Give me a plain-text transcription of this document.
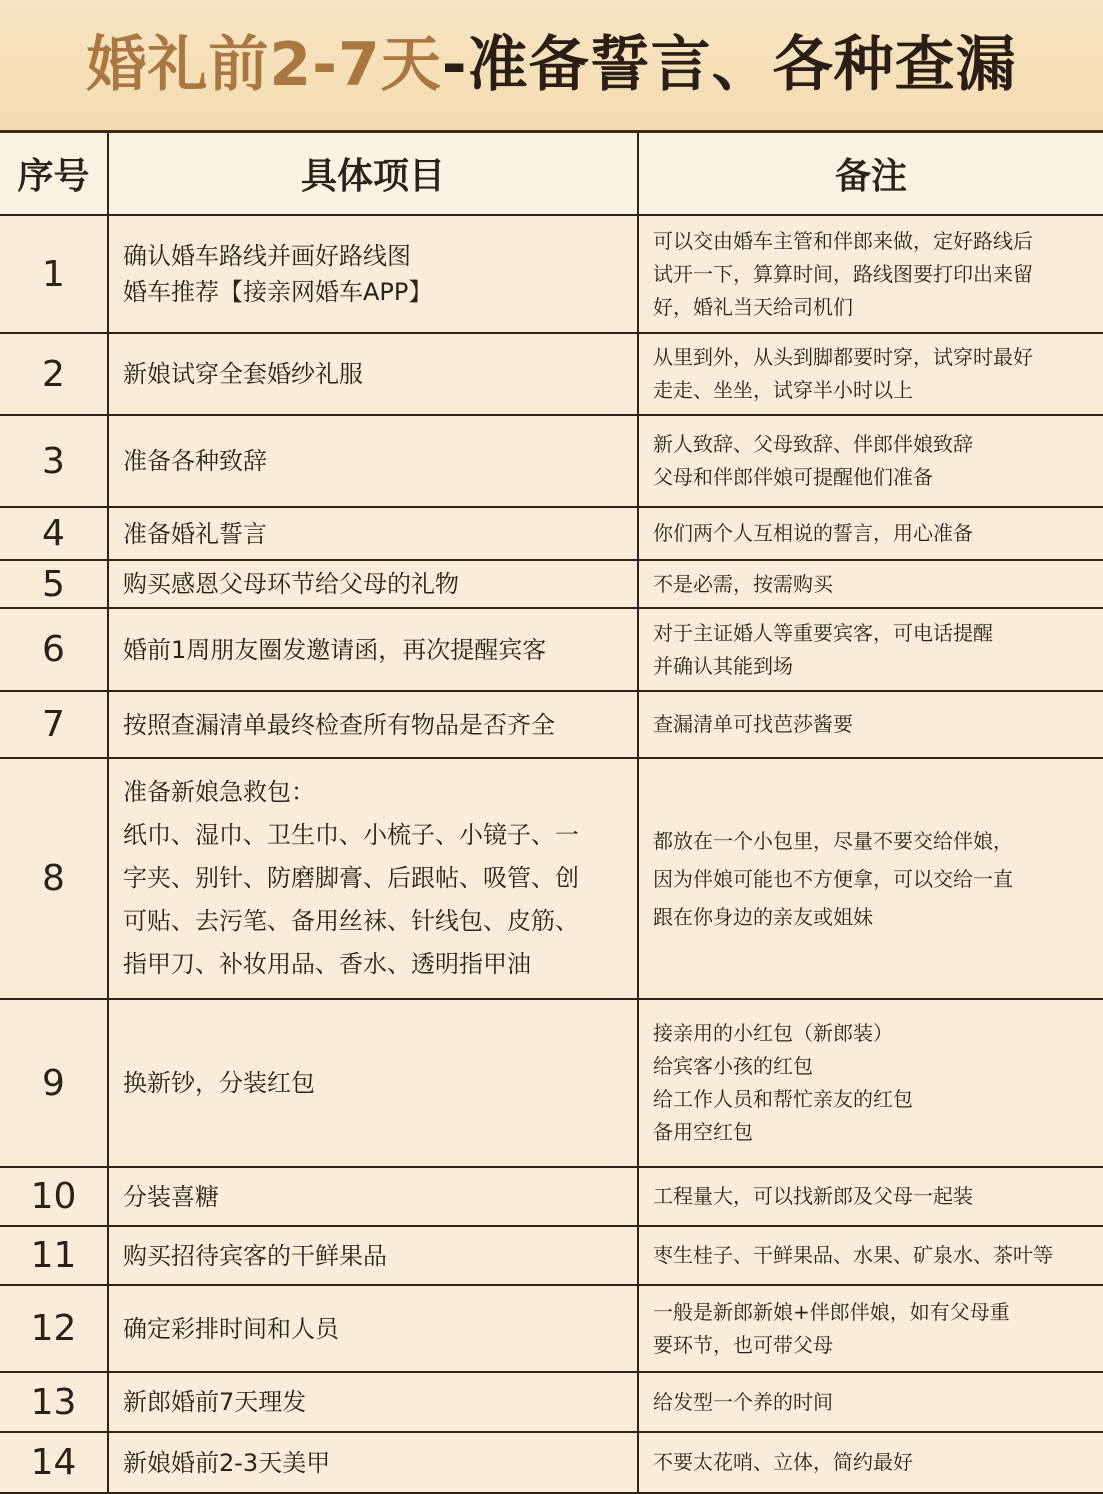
婚礼前2-7天-准备誓言、各种查漏
序号	具体项目	备注
1	确认婚车路线并画好路线图
婚车推荐【接亲网婚车APP】	可以交由婚车主管和伴郎来做，定好路线后
试开一下，算算时间，路线图要打印出来留
好，婚礼当天给司机们

2	新娘试穿全套婚纱礼服	从里到外，从头到脚都要时穿，试穿时最好
走走、坐坐，试穿半小时以上

3	准备各种致辞	新人致辞、父母致辞、伴郎伴娘致辞
父母和伴郎伴娘可提醒他们准备

4	准备婚礼誓言	你们两个人互相说的誓言，用心准备

5	购买感恩父母环节给父母的礼物	不是必需，按需购买

6	婚前1周朋友圈发邀请函，再次提醒宾客	对于主证婚人等重要宾客，可电话提醒
并确认其能到场

7	按照查漏清单最终检查所有物品是否齐全	查漏清单可找芭莎酱要

8	准备新娘急救包：
纸巾、湿巾、卫生巾、小梳子、小镜子、一
字夹、别针、防磨脚膏、后跟帖、吸管、创
可贴、去污笔、备用丝袜、针线包、皮筋、
指甲刀、补妆用品、香水、透明指甲油	都放在一个小包里，尽量不要交给伴娘，
因为伴娘可能也不方便拿，可以交给一直
跟在你身边的亲友或姐妹

9	换新钞，分装红包	接亲用的小红包（新郎装）
给宾客小孩的红包
给工作人员和帮忙亲友的红包
备用空红包

10	分装喜糖	工程量大，可以找新郎及父母一起装

11	购买招待宾客的干鲜果品	枣生桂子、干鲜果品、水果、矿泉水、茶叶等

12	确定彩排时间和人员	一般是新郎新娘+伴郎伴娘，如有父母重
要环节，也可带父母

13	新郎婚前7天理发	给发型一个养的时间

14	新娘婚前2-3天美甲	不要太花哨、立体，简约最好
